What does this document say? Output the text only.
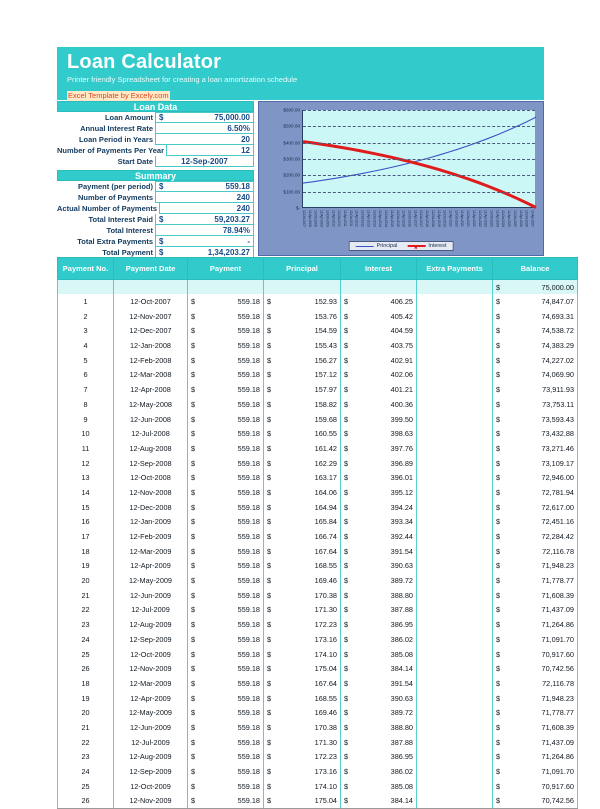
Loan Calculator
Printer friendly Spreadsheet for creating a loan amortization schedule
Excel Template by Excely.com
Loan Data
Loan Amount $	75,000.00
Annual Interest Rate	6.50%
Loan Period in Years	20
Number of Payments Per Year	12
Start Date	12-Sep-2007
Summary
Payment (per period) $	559.18
Number of Payments	240
Actual Number of Payments	240
Total Interest Paid $	59,203.27
Total Interest	78.94%
Total Extra Payments $	-
Total Payment $	1,34,203.27
$600.00
$500.00
$400.00
$300.00
$200.00
$100.00
$-
12-Oct-2007 12-Apr-2008 12-Oct-2008 12-Apr-2009 12-Oct-2009 12-Apr-2010 12-Oct-2010 12-Apr-2011 12-Oct-2011 12-Apr-2012 12-Oct-2012 12-Apr-2013 12-Oct-2013 12-Apr-2014 12-Oct-2014 12-Apr-2015 12-Oct-2015 12-Apr-2016 12-Oct-2016 12-Apr-2017 12-Oct-2017 12-Apr-2018 12-Oct-2018 12-Apr-2019 12-Oct-2019 12-Apr-2020 12-Oct-2020 12-Apr-2021 12-Oct-2021 12-Apr-2022 12-Oct-2022 12-Apr-2023 12-Oct-2023 12-Apr-2024 12-Oct-2024 12-Apr-2025 12-Oct-2025 12-Apr-2026 12-Oct-2026 12-Apr-2027
Principal	Interest
Payment No.	Payment Date	Payment	Principal	Interest	Extra Payments	Balance

						$ 75,000.00
1	12-Oct-2007	$ 559.18	$ 152.93	$ 406.25		$ 74,847.07
2	12-Nov-2007	$ 559.18	$ 153.76	$ 405.42		$ 74,693.31
3	12-Dec-2007	$ 559.18	$ 154.59	$ 404.59		$ 74,538.72
4	12-Jan-2008	$ 559.18	$ 155.43	$ 403.75		$ 74,383.29
5	12-Feb-2008	$ 559.18	$ 156.27	$ 402.91		$ 74,227.02
6	12-Mar-2008	$ 559.18	$ 157.12	$ 402.06		$ 74,069.90
7	12-Apr-2008	$ 559.18	$ 157.97	$ 401.21		$ 73,911.93
8	12-May-2008	$ 559.18	$ 158.82	$ 400.36		$ 73,753.11
9	12-Jun-2008	$ 559.18	$ 159.68	$ 399.50		$ 73,593.43
10	12-Jul-2008	$ 559.18	$ 160.55	$ 398.63		$ 73,432.88
11	12-Aug-2008	$ 559.18	$ 161.42	$ 397.76		$ 73,271.46
12	12-Sep-2008	$ 559.18	$ 162.29	$ 396.89		$ 73,109.17
13	12-Oct-2008	$ 559.18	$ 163.17	$ 396.01		$ 72,946.00
14	12-Nov-2008	$ 559.18	$ 164.06	$ 395.12		$ 72,781.94
15	12-Dec-2008	$ 559.18	$ 164.94	$ 394.24		$ 72,617.00
16	12-Jan-2009	$ 559.18	$ 165.84	$ 393.34		$ 72,451.16
17	12-Feb-2009	$ 559.18	$ 166.74	$ 392.44		$ 72,284.42
18	12-Mar-2009	$ 559.18	$ 167.64	$ 391.54		$ 72,116.78
19	12-Apr-2009	$ 559.18	$ 168.55	$ 390.63		$ 71,948.23
20	12-May-2009	$ 559.18	$ 169.46	$ 389.72		$ 71,778.77
21	12-Jun-2009	$ 559.18	$ 170.38	$ 388.80		$ 71,608.39
22	12-Jul-2009	$ 559.18	$ 171.30	$ 387.88		$ 71,437.09
23	12-Aug-2009	$ 559.18	$ 172.23	$ 386.95		$ 71,264.86
24	12-Sep-2009	$ 559.18	$ 173.16	$ 386.02		$ 71,091.70
25	12-Oct-2009	$ 559.18	$ 174.10	$ 385.08		$ 70,917.60
26	12-Nov-2009	$ 559.18	$ 175.04	$ 384.14		$ 70,742.56
18	12-Mar-2009	$ 559.18	$ 167.64	$ 391.54		$ 72,116.78
19	12-Apr-2009	$ 559.18	$ 168.55	$ 390.63		$ 71,948.23
20	12-May-2009	$ 559.18	$ 169.46	$ 389.72		$ 71,778.77
21	12-Jun-2009	$ 559.18	$ 170.38	$ 388.80		$ 71,608.39
22	12-Jul-2009	$ 559.18	$ 171.30	$ 387.88		$ 71,437.09
23	12-Aug-2009	$ 559.18	$ 172.23	$ 386.95		$ 71,264.86
24	12-Sep-2009	$ 559.18	$ 173.16	$ 386.02		$ 71,091.70
25	12-Oct-2009	$ 559.18	$ 174.10	$ 385.08		$ 70,917.60
26	12-Nov-2009	$ 559.18	$ 175.04	$ 384.14		$ 70,742.56
